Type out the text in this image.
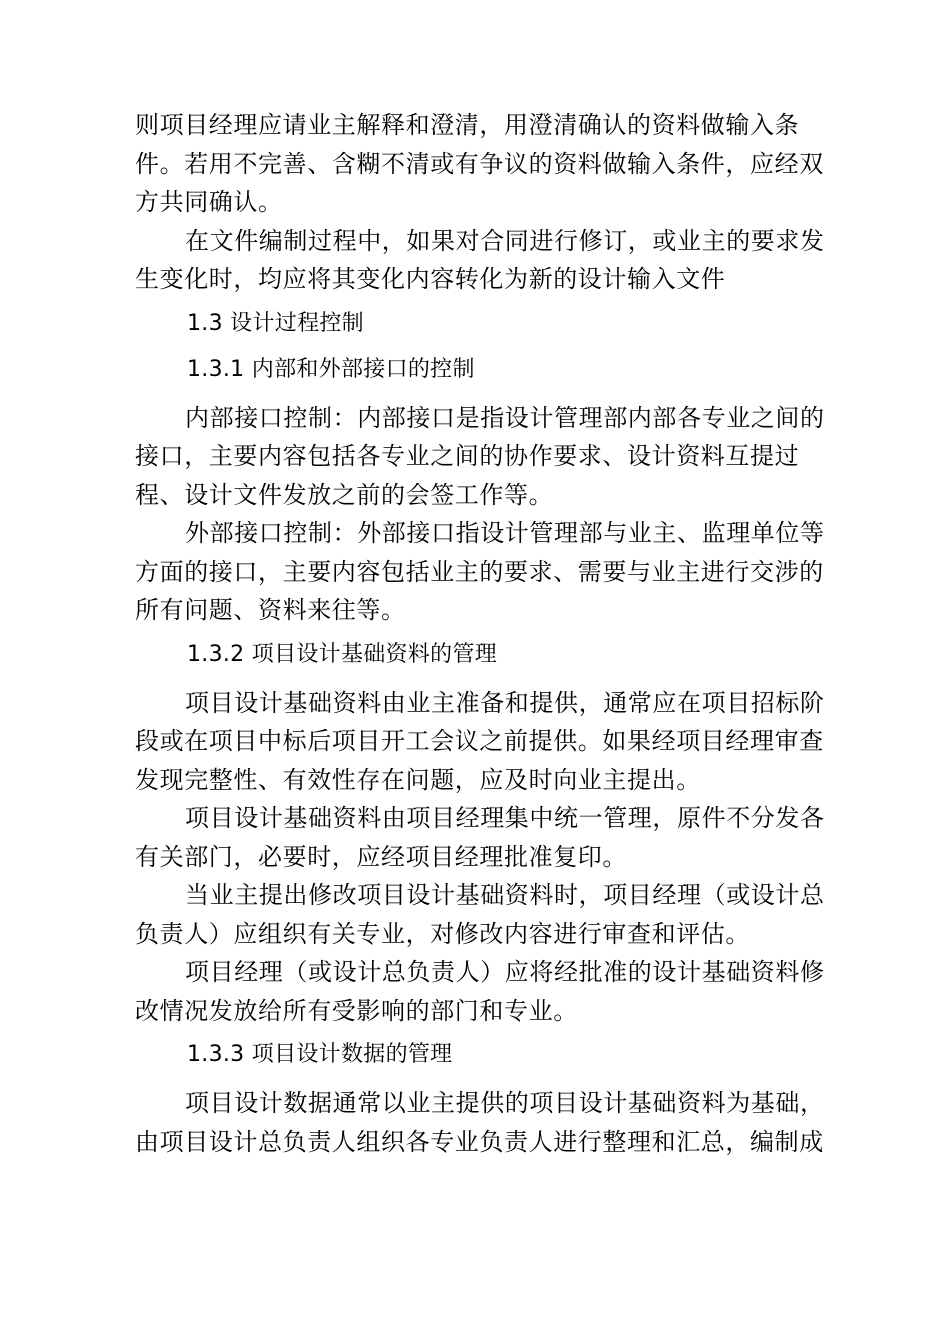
则项目经理应请业主解释和澄清，用澄清确认的资料做输入条件。若用不完善、含糊不清或有争议的资料做输入条件，应经双方共同确认。

在文件编制过程中，如果对合同进行修订，或业主的要求发生变化时，均应将其变化内容转化为新的设计输入文件

1.3 设计过程控制

1.3.1 内部和外部接口的控制

内部接口控制：内部接口是指设计管理部内部各专业之间的接口，主要内容包括各专业之间的协作要求、设计资料互提过程、设计文件发放之前的会签工作等。

外部接口控制：外部接口指设计管理部与业主、监理单位等方面的接口，主要内容包括业主的要求、需要与业主进行交涉的所有问题、资料来往等。

1.3.2 项目设计基础资料的管理

项目设计基础资料由业主准备和提供，通常应在项目招标阶段或在项目中标后项目开工会议之前提供。如果经项目经理审查发现完整性、有效性存在问题，应及时向业主提出。

项目设计基础资料由项目经理集中统一管理，原件不分发各有关部门，必要时，应经项目经理批准复印。

当业主提出修改项目设计基础资料时，项目经理（或设计总负责人）应组织有关专业，对修改内容进行审查和评估。

项目经理（或设计总负责人）应将经批准的设计基础资料修改情况发放给所有受影响的部门和专业。

1.3.3 项目设计数据的管理

项目设计数据通常以业主提供的项目设计基础资料为基础，由项目设计总负责人组织各专业负责人进行整理和汇总，编制成
